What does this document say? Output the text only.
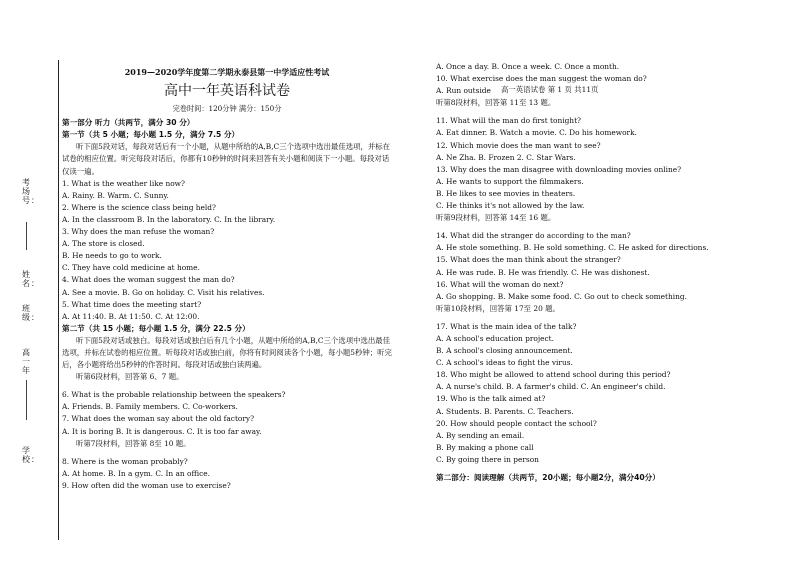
考场号：
姓名：
班级：
高一年
学校：
2019—2020学年度第二学期永泰县第一中学适应性考试
高中一年英语科试卷
完卷时间：120分钟 满分：150分
第一部分 听力（共两节，满分 30 分）
第一节（共 5 小题；每小题 1.5 分，满分 7.5 分）
听下面5段对话，每段对话后有一个小题，从题中所给的A,B,C三个选项中选出最佳选项，并标在试卷的相应位置。听完每段对话后，你都有10秒钟的时间来回答有关小题和阅读下一小题。每段对话仅读一遍。
1. What is the weather like now?
A. Rainy. B. Warm. C. Sunny.
2. Where is the science class being held?
A. In the classroom B. In the laboratory. C. In the library.
3. Why does the man refuse the woman?
A. The store is closed.
B. He needs to go to work.
C. They have cold medicine at home.
4. What does the woman suggest the man do?
A. See a movie. B. Go on holiday. C. Visit his relatives.
5. What time does the meeting start?
A. At 11:40. B. At 11:50. C. At 12:00.
第二节（共 15 小题；每小题 1.5 分，满分 22.5 分）
听下面5段对话或独白。每段对话或独白后有几个小题，从题中所给的A,B,C三个选项中选出最佳选项，并标在试卷的相应位置。听每段对话或独白前，你将有时间阅读各个小题，每小题5秒钟；听完后，各小题将给出5秒钟的作答时间。每段对话或独白读两遍。
听第6段材料，回答第 6、7 题。
6. What is the probable relationship between the speakers?
A. Friends. B. Family members. C. Co-workers.
7. What does the woman say about the old factory?
A. It is boring B. It is dangerous. C. It is too far away.
听第7段材料，回答第 8至 10 题。
8. Where is the woman probably?
A. At home. B. In a gym. C. In an office.
9. How often did the woman use to exercise?
A. Once a day. B. Once a week. C. Once a month.
10. What exercise does the man suggest the woman do?
A. Run outside
听第8段材料，回答第 11至 13 题。
11. What will the man do first tonight?
A. Eat dinner. B. Watch a movie. C. Do his homework.
12. Which movie does the man want to see?
A. Ne Zha. B. Frozen 2. C. Star Wars.
13. Why does the man disagree with downloading movies online?
A. He wants to support the filmmakers.
B. He likes to see movies in theaters.
C. He thinks it's not allowed by the law.
听第9段材料，回答第 14至 16 题。
14. What did the stranger do according to the man?
A. He stole something. B. He sold something. C. He asked for directions.
15. What does the man think about the stranger?
A. He was rude. B. He was friendly. C. He was dishonest.
16. What will the woman do next?
A. Go shopping. B. Make some food. C. Go out to check something.
听第10段材料，回答第 17至 20 题。
17. What is the main idea of the talk?
A. A school's education project.
B. A school's closing announcement.
C. A school's ideas to fight the virus.
18. Who might be allowed to attend school during this period?
A. A nurse's child. B. A farmer's child. C. An engineer's child.
19. Who is the talk aimed at?
A. Students. B. Parents. C. Teachers.
20. How should people contact the school?
A. By sending an email.
B. By making a phone call
C. By going there in person
第二部分：阅读理解（共两节，20小题；每小题2分，满分40分）
高一英语试卷 第 1 页 共11页
